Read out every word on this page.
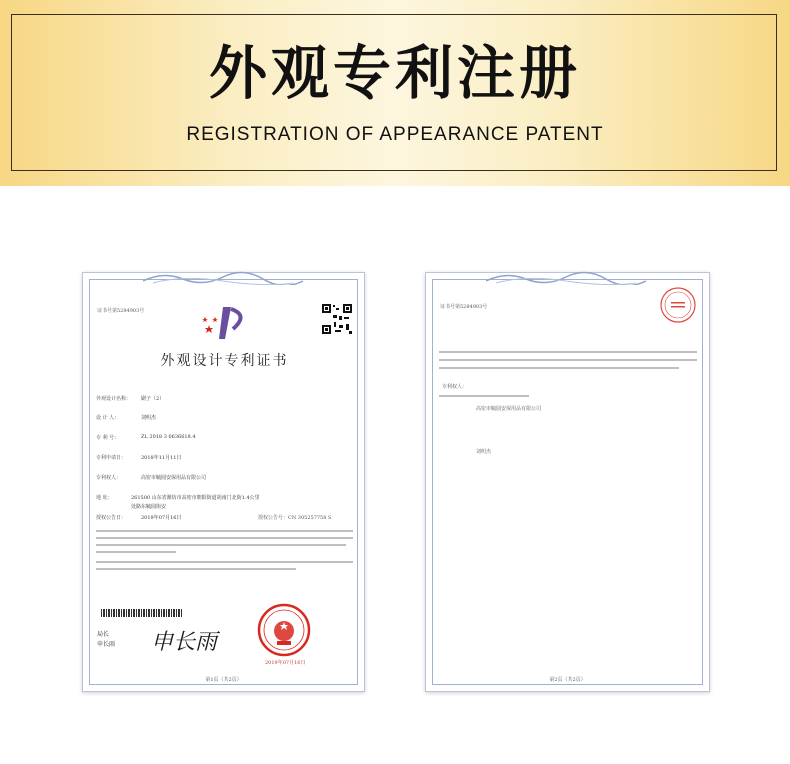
外观专利注册
REGISTRATION OF APPEARANCE PATENT
证书号第5284903号
外观设计专利证书
外观设计名称： 刷子（2）
设 计 人：	刘明杰
专 利 号：	ZL 2018 3 0636618.4
专利申请日：	2018年11月11日
专利权人：	高密市毓圆安保用品有限公司
地 址：	261500 山东省潍坊市高密市朝阳街道胡南门北街1.4公里
处路东毓圆街安
授权公告日：	2019年07月16日	授权公告号：CN 305257758 S
局长
申长雨 申长雨
2019年07月16日
第1页（共2页）
证书号第5284903号
专利权人：
高密市毓圆安保用品有限公司
刘明杰
第2页（共2页）
